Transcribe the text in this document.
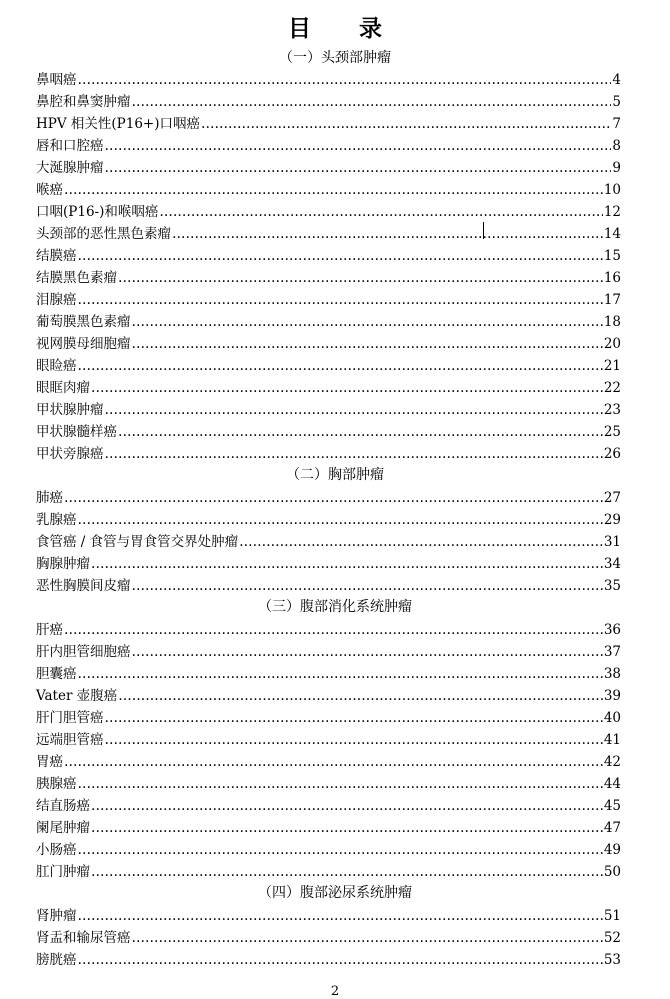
目 录
（一）头颈部肿瘤
鼻咽癌 ………………………………………………………………………………………………………………………………………………………………………	4
鼻腔和鼻窦肿瘤 ………………………………………………………………………………………………………………………………………………………………………	5
HPV 相关性(P16+)口咽癌 ………………………………………………………………………………………………………………………………………………………………………	7
唇和口腔癌 ………………………………………………………………………………………………………………………………………………………………………	8
大涎腺肿瘤 ………………………………………………………………………………………………………………………………………………………………………	9
喉癌 ………………………………………………………………………………………………………………………………………………………………………	10
口咽(P16-)和喉咽癌 ………………………………………………………………………………………………………………………………………………………………………	12
头颈部的恶性黑色素瘤 ………………………………………………………………………………………………………………………………………………………………………	14
结膜癌 ………………………………………………………………………………………………………………………………………………………………………	15
结膜黑色素瘤 ………………………………………………………………………………………………………………………………………………………………………	16
泪腺癌 ………………………………………………………………………………………………………………………………………………………………………	17
葡萄膜黑色素瘤 ………………………………………………………………………………………………………………………………………………………………………	18
视网膜母细胞瘤 ………………………………………………………………………………………………………………………………………………………………………	20
眼睑癌 ………………………………………………………………………………………………………………………………………………………………………	21
眼眶肉瘤 ………………………………………………………………………………………………………………………………………………………………………	22
甲状腺肿瘤 ………………………………………………………………………………………………………………………………………………………………………	23
甲状腺髓样癌 ………………………………………………………………………………………………………………………………………………………………………	25
甲状旁腺癌 ………………………………………………………………………………………………………………………………………………………………………	26
（二）胸部肿瘤
肺癌 ………………………………………………………………………………………………………………………………………………………………………	27
乳腺癌 ………………………………………………………………………………………………………………………………………………………………………	29
食管癌 / 食管与胃食管交界处肿瘤 ………………………………………………………………………………………………………………………………………………………………………	31
胸腺肿瘤 ………………………………………………………………………………………………………………………………………………………………………	34
恶性胸膜间皮瘤 ………………………………………………………………………………………………………………………………………………………………………	35
（三）腹部消化系统肿瘤
肝癌 ………………………………………………………………………………………………………………………………………………………………………	36
肝内胆管细胞癌 ………………………………………………………………………………………………………………………………………………………………………	37
胆囊癌 ………………………………………………………………………………………………………………………………………………………………………	38
Vater 壶腹癌 ………………………………………………………………………………………………………………………………………………………………………	39
肝门胆管癌 ………………………………………………………………………………………………………………………………………………………………………	40
远端胆管癌 ………………………………………………………………………………………………………………………………………………………………………	41
胃癌 ………………………………………………………………………………………………………………………………………………………………………	42
胰腺癌 ………………………………………………………………………………………………………………………………………………………………………	44
结直肠癌 ………………………………………………………………………………………………………………………………………………………………………	45
阑尾肿瘤 ………………………………………………………………………………………………………………………………………………………………………	47
小肠癌 ………………………………………………………………………………………………………………………………………………………………………	49
肛门肿瘤 ………………………………………………………………………………………………………………………………………………………………………	50
（四）腹部泌尿系统肿瘤
肾肿瘤 ………………………………………………………………………………………………………………………………………………………………………	51
肾盂和输尿管癌 ………………………………………………………………………………………………………………………………………………………………………	52
膀胱癌 ………………………………………………………………………………………………………………………………………………………………………	53
2
